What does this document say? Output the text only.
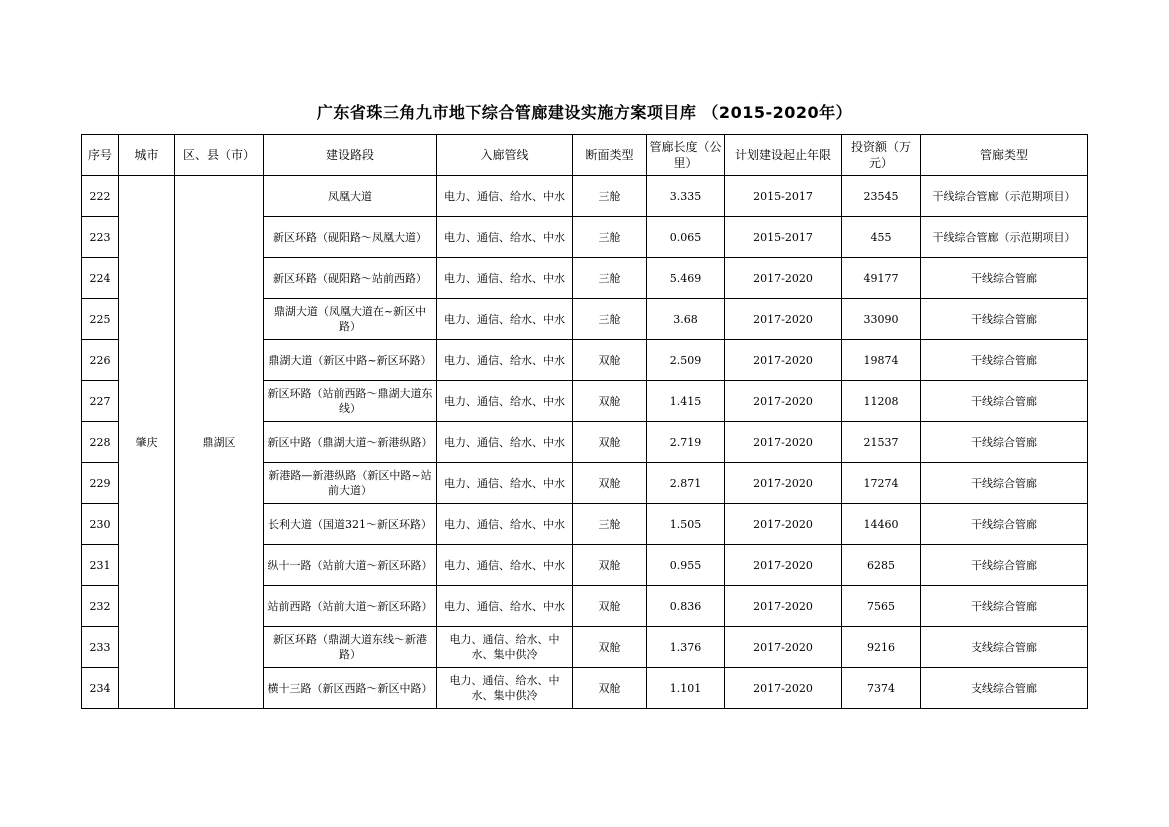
广东省珠三角九市地下综合管廊建设实施方案项目库 （2015-2020年）
序号	城市	区、县（市）	建设路段	入廊管线	断面类型	管廊长度（公里）	计划建设起止年限	投资额（万元）	管廊类型
222	肇庆	鼎湖区	凤凰大道	电力、通信、给水、中水	三舱	3.335	2015-2017	23545	干线综合管廊（示范期项目）
223			新区环路（砚阳路～凤凰大道）	电力、通信、给水、中水	三舱	0.065	2015-2017	455	干线综合管廊（示范期项目）
224			新区环路（砚阳路～站前西路）	电力、通信、给水、中水	三舱	5.469	2017-2020	49177	干线综合管廊
225			鼎湖大道（凤凰大道在~新区中路）	电力、通信、给水、中水	三舱	3.68	2017-2020	33090	干线综合管廊
226			鼎湖大道（新区中路~新区环路）	电力、通信、给水、中水	双舱	2.509	2017-2020	19874	干线综合管廊
227			新区环路（站前西路～鼎湖大道东线）	电力、通信、给水、中水	双舱	1.415	2017-2020	11208	干线综合管廊
228			新区中路（鼎湖大道～新港纵路）	电力、通信、给水、中水	双舱	2.719	2017-2020	21537	干线综合管廊
229			新港路—新港纵路（新区中路~站前大道）	电力、通信、给水、中水	双舱	2.871	2017-2020	17274	干线综合管廊
230			长利大道（国道321～新区环路）	电力、通信、给水、中水	三舱	1.505	2017-2020	14460	干线综合管廊
231			纵十一路（站前大道～新区环路）	电力、通信、给水、中水	双舱	0.955	2017-2020	6285	干线综合管廊
232			站前西路（站前大道～新区环路）	电力、通信、给水、中水	双舱	0.836	2017-2020	7565	干线综合管廊
233			新区环路（鼎湖大道东线～新港路）	电力、通信、给水、中水、集中供冷	双舱	1.376	2017-2020	9216	支线综合管廊
234			横十三路（新区西路～新区中路）	电力、通信、给水、中水、集中供冷	双舱	1.101	2017-2020	7374	支线综合管廊
